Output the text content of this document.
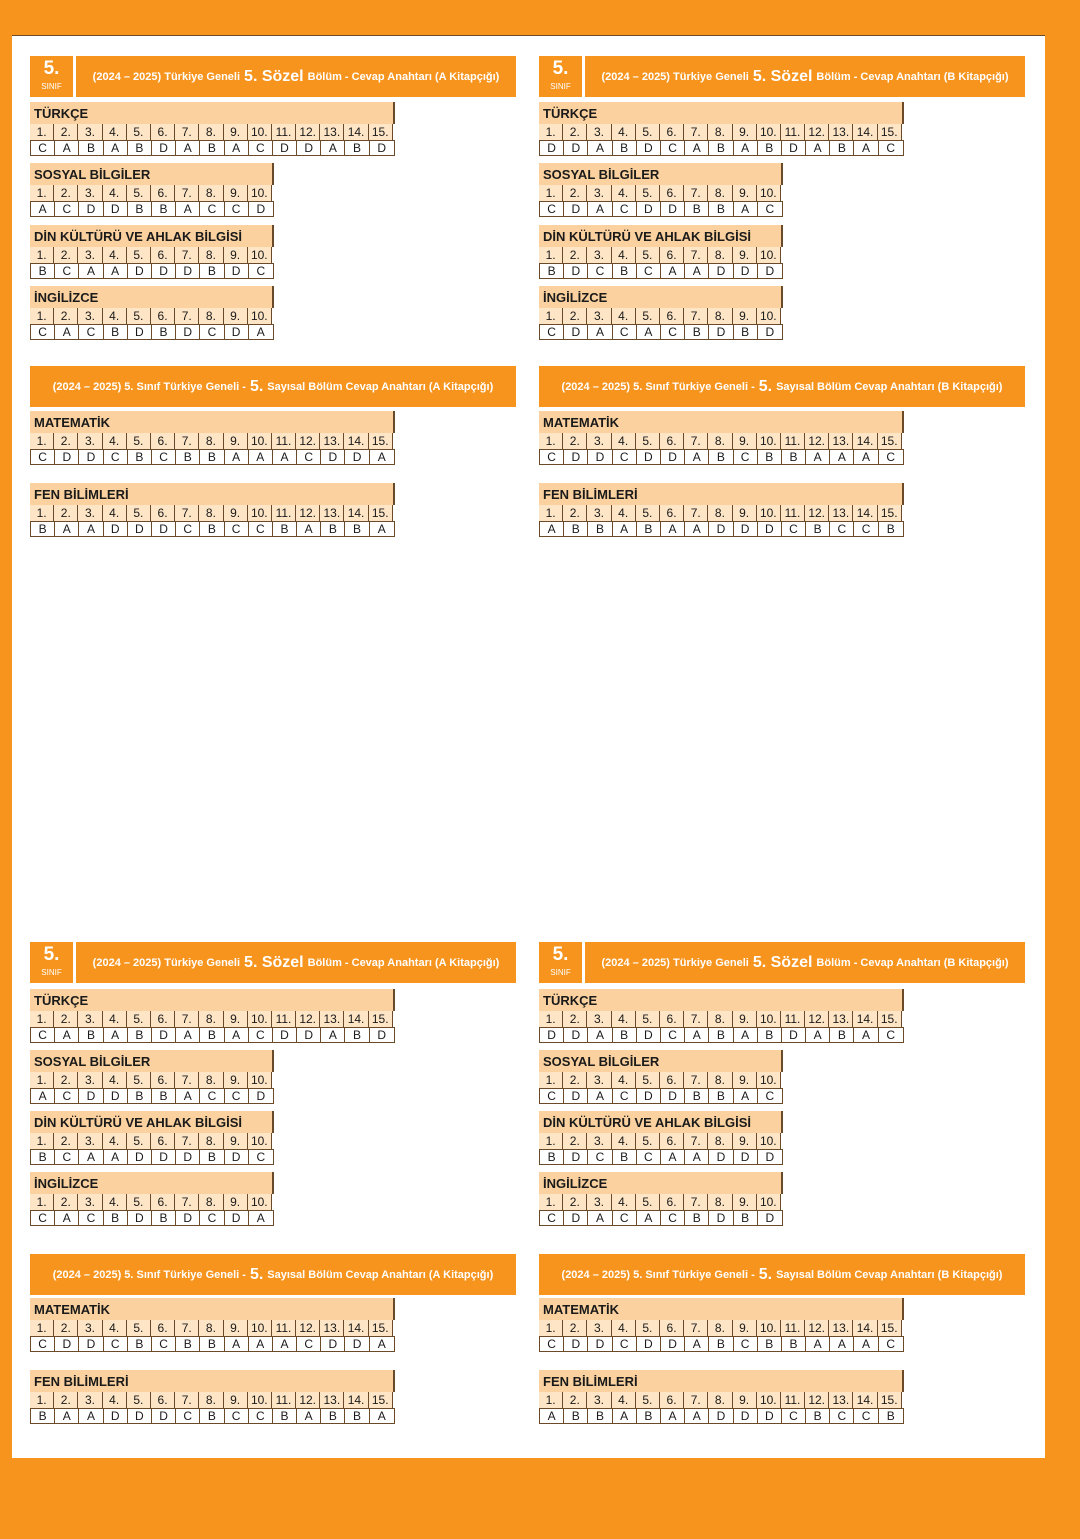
5.
SINIF
(2024 – 2025) Türkiye Geneli 5. Sözel Bölüm - Cevap Anahtarı (A Kitapçığı)
TÜRKÇE
1.	2.	3.	4.	5.	6.	7.	8.	9. 10. 11. 12. 13. 14. 15.
C	A	B	A	B	D	A	B	A	C	D	D	A	B	D
SOSYAL BİLGİLER
1.	2.	3.	4.	5.	6.	7.	8.	9. 10.
A	C	D	D	B	B	A	C	C	D
DİN KÜLTÜRÜ VE AHLAK BİLGİSİ
1.	2.	3.	4.	5.	6.	7.	8.	9. 10.
B	C	A	A	D	D	D	B	D	C
İNGİLİZCE
1.	2.	3.	4.	5.	6.	7.	8.	9. 10.
C	A	C	B	D	B	D	C	D	A
(2024 – 2025) 5. Sınıf Türkiye Geneli - 5. Sayısal Bölüm Cevap Anahtarı (A Kitapçığı)
MATEMATİK
1.	2.	3.	4.	5.	6.	7.	8.	9. 10. 11. 12. 13. 14. 15.
C	D	D	C	B	C	B	B	A	A	A	C	D	D	A
FEN BİLİMLERİ
1.	2.	3.	4.	5.	6.	7.	8.	9. 10. 11. 12. 13. 14. 15.
B	A	A	D	D	D	C	B	C	C	B	A	B	B	A
5.
SINIF
(2024 – 2025) Türkiye Geneli 5. Sözel Bölüm - Cevap Anahtarı (B Kitapçığı)
TÜRKÇE
1.	2.	3.	4.	5.	6.	7.	8.	9. 10. 11. 12. 13. 14. 15.
D	D	A	B	D	C	A	B	A	B	D	A	B	A	C
SOSYAL BİLGİLER
1.	2.	3.	4.	5.	6.	7.	8.	9. 10.
C	D	A	C	D	D	B	B	A	C
DİN KÜLTÜRÜ VE AHLAK BİLGİSİ
1.	2.	3.	4.	5.	6.	7.	8.	9. 10.
B	D	C	B	C	A	A	D	D	D
İNGİLİZCE
1.	2.	3.	4.	5.	6.	7.	8.	9. 10.
C	D	A	C	A	C	B	D	B	D
(2024 – 2025) 5. Sınıf Türkiye Geneli - 5. Sayısal Bölüm Cevap Anahtarı (B Kitapçığı)
MATEMATİK
1.	2.	3.	4.	5.	6.	7.	8.	9. 10. 11. 12. 13. 14. 15.
C	D	D	C	D	D	A	B	C	B	B	A	A	A	C
FEN BİLİMLERİ
1.	2.	3.	4.	5.	6.	7.	8.	9. 10. 11. 12. 13. 14. 15.
A	B	B	A	B	A	A	D	D	D	C	B	C	C	B
5.
SINIF
(2024 – 2025) Türkiye Geneli 5. Sözel Bölüm - Cevap Anahtarı (A Kitapçığı)
TÜRKÇE
1.	2.	3.	4.	5.	6.	7.	8.	9. 10. 11. 12. 13. 14. 15.
C	A	B	A	B	D	A	B	A	C	D	D	A	B	D
SOSYAL BİLGİLER
1.	2.	3.	4.	5.	6.	7.	8.	9. 10.
A	C	D	D	B	B	A	C	C	D
DİN KÜLTÜRÜ VE AHLAK BİLGİSİ
1.	2.	3.	4.	5.	6.	7.	8.	9. 10.
B	C	A	A	D	D	D	B	D	C
İNGİLİZCE
1.	2.	3.	4.	5.	6.	7.	8.	9. 10.
C	A	C	B	D	B	D	C	D	A
(2024 – 2025) 5. Sınıf Türkiye Geneli - 5. Sayısal Bölüm Cevap Anahtarı (A Kitapçığı)
MATEMATİK
1.	2.	3.	4.	5.	6.	7.	8.	9. 10. 11. 12. 13. 14. 15.
C	D	D	C	B	C	B	B	A	A	A	C	D	D	A
FEN BİLİMLERİ
1.	2.	3.	4.	5.	6.	7.	8.	9. 10. 11. 12. 13. 14. 15.
B	A	A	D	D	D	C	B	C	C	B	A	B	B	A
5.
SINIF
(2024 – 2025) Türkiye Geneli 5. Sözel Bölüm - Cevap Anahtarı (B Kitapçığı)
TÜRKÇE
1.	2.	3.	4.	5.	6.	7.	8.	9. 10. 11. 12. 13. 14. 15.
D	D	A	B	D	C	A	B	A	B	D	A	B	A	C
SOSYAL BİLGİLER
1.	2.	3.	4.	5.	6.	7.	8.	9. 10.
C	D	A	C	D	D	B	B	A	C
DİN KÜLTÜRÜ VE AHLAK BİLGİSİ
1.	2.	3.	4.	5.	6.	7.	8.	9. 10.
B	D	C	B	C	A	A	D	D	D
İNGİLİZCE
1.	2.	3.	4.	5.	6.	7.	8.	9. 10.
C	D	A	C	A	C	B	D	B	D
(2024 – 2025) 5. Sınıf Türkiye Geneli - 5. Sayısal Bölüm Cevap Anahtarı (B Kitapçığı)
MATEMATİK
1.	2.	3.	4.	5.	6.	7.	8.	9. 10. 11. 12. 13. 14. 15.
C	D	D	C	D	D	A	B	C	B	B	A	A	A	C
FEN BİLİMLERİ
1.	2.	3.	4.	5.	6.	7.	8.	9. 10. 11. 12. 13. 14. 15.
A	B	B	A	B	A	A	D	D	D	C	B	C	C	B
